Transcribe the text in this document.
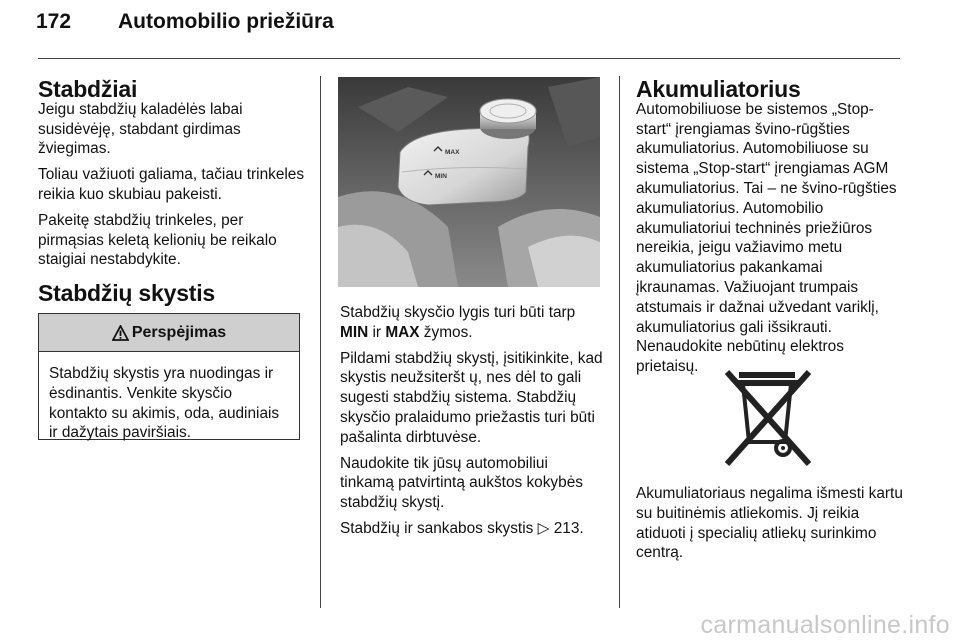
172 Automobilio priežiūra
Stabdžiai

Jeigu stabdžių kaladėlės labai susidėvėję, stabdant girdimas žviegimas.

Toliau važiuoti galiama, tačiau trinkeles reikia kuo skubiau pakeisti.

Pakeitę stabdžių trinkeles, per pirmąsias keletą kelionių be reikalo staigiai nestabdykite.

Stabdžių skystis
Perspėjimas
Stabdžių skystis yra nuodingas ir ėsdinantis. Venkite skysčio kontakto su akimis, oda, audiniais ir dažytais paviršiais.
MAX
MIN

Stabdžių skysčio lygis turi būti tarp MIN ir MAX žymos.

Pildami stabdžių skystį, įsitikinkite, kad skystis neužsiteršt ų, nes dėl to gali sugesti stabdžių sistema. Stabdžių skysčio pralaidumo priežastis turi būti pašalinta dirbtuvėse.

Naudokite tik jūsų automobiliui tinkamą patvirtintą aukštos kokybės stabdžių skystį.

Stabdžių ir sankabos skystis ▷ 213.

Akumuliatorius

Automobiliuose be sistemos „Stop-start“ įrengiamas švino-rūgšties akumuliatorius. Automobiliuose su sistema „Stop-start“ įrengiamas AGM akumuliatorius. Tai – ne švino-rūgšties akumuliatorius. Automobilio akumuliatoriui techninės priežiūros nereikia, jeigu važiavimo metu akumuliatorius pakankamai įkraunamas. Važiuojant trumpais atstumais ir dažnai užvedant variklį, akumuliatorius gali išsikrauti. Nenaudokite nebūtinų elektros prietaisų.

Akumuliatoriaus negalima išmesti kartu su buitinėmis atliekomis. Jį reikia atiduoti į specialių atliekų surinkimo centrą.

carmanualsonline.info
